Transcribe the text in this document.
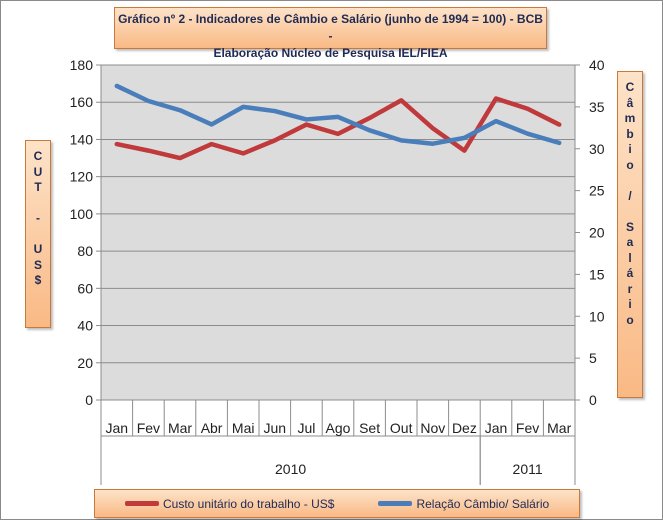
Gráfico nº 2 - Indicadores de Câmbio e Salário (junho de 1994 = 100) - BCB -
Elaboração Núcleo de Pesquisa IEL/FIEA
C
U
T
-
U
S
$
C
â
m
b
i
o
/
S
a
l
á
r
i
o
0
20
40
60
80
100
120
140
160
180
0
5
10
15
20
25
30
35
40
2010	2011
Jan Fev Mar Abr Mai Jun Jul Ago Set Out Nov Dez Jan Fev Mar
Custo unitário do trabalho - US$	Relação Câmbio/ Salário
